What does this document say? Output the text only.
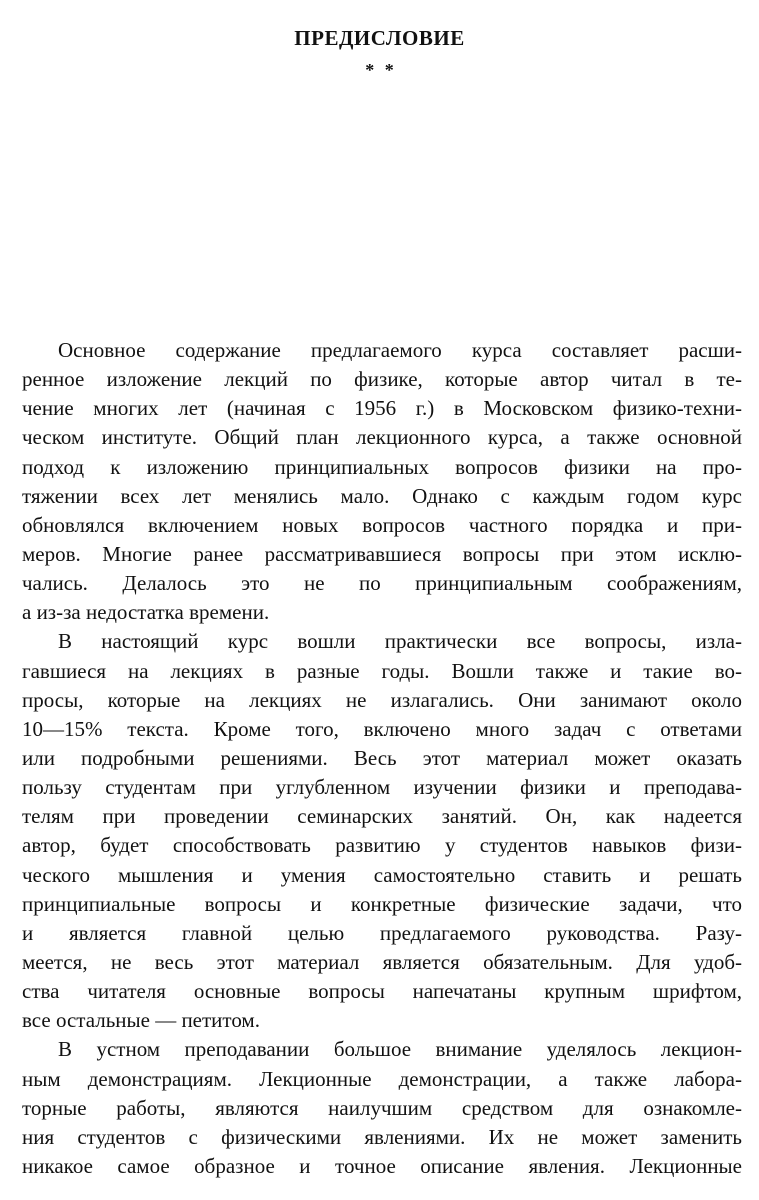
ПРЕДИСЛОВИЕ
* *
Основное содержание предлагаемого курса составляет расши-
ренное изложение лекций по физике, которые автор читал в те-
чение многих лет (начиная с 1956 г.) в Московском физико-техни-
ческом институте. Общий план лекционного курса, а также основной
подход к изложению принципиальных вопросов физики на про-
тяжении всех лет менялись мало. Однако с каждым годом курс
обновлялся включением новых вопросов частного порядка и при-
меров. Многие ранее рассматривавшиеся вопросы при этом исклю-
чались. Делалось это не по принципиальным соображениям,
а из-за недостатка времени.
В настоящий курс вошли практически все вопросы, изла-
гавшиеся на лекциях в разные годы. Вошли также и такие во-
просы, которые на лекциях не излагались. Они занимают около
10—15% текста. Кроме того, включено много задач с ответами
или подробными решениями. Весь этот материал может оказать
пользу студентам при углубленном изучении физики и преподава-
телям при проведении семинарских занятий. Он, как надеется
автор, будет способствовать развитию у студентов навыков физи-
ческого мышления и умения самостоятельно ставить и решать
принципиальные вопросы и конкретные физические задачи, что
и является главной целью предлагаемого руководства. Разу-
меется, не весь этот материал является обязательным. Для удоб-
ства читателя основные вопросы напечатаны крупным шрифтом,
все остальные — петитом.
В устном преподавании большое внимание уделялось лекцион-
ным демонстрациям. Лекционные демонстрации, а также лабора-
торные работы, являются наилучшим средством для ознакомле-
ния студентов с физическими явлениями. Их не может заменить
никакое самое образное и точное описание явления. Лекционные
